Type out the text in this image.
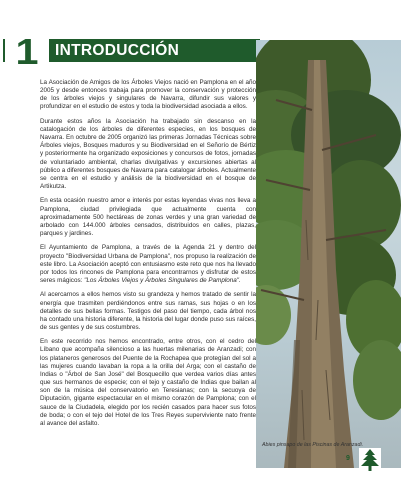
1	INTRODUCCIÓN

La Asociación de Amigos de los Árboles Viejos nació en Pamplona en el año 2005 y desde entonces trabaja para promover la conservación y protección de los árboles viejos y singulares de Navarra, difundir sus valores y profundizar en el estudio de estos y toda la biodiversidad asociada a ellos.

Durante estos años la Asociación ha trabajado sin descanso en la catalogación de los árboles de diferentes especies, en los bosques de Navarra. En octubre de 2005 organizó las primeras Jornadas Técnicas sobre Árboles viejos, Bosques maduros y su Biodiversidad en el Señorío de Bértiz y posteriormente ha organizado exposiciones y concursos de fotos, jornadas de voluntariado ambiental, charlas divulgativas y excursiones abiertas al público a diferentes bosques de Navarra para catalogar árboles. Actualmente se centra en el estudio y análisis de la biodiversidad en el bosque de Artikutza.

En esta ocasión nuestro amor e interés por estas leyendas vivas nos lleva a Pamplona, ciudad privilegiada que actualmente cuenta con aproximadamente 500 hectáreas de zonas verdes y una gran variedad de arbolado con 144.000 árboles censados, distribuidos en calles, plazas, parques y jardines.

El Ayuntamiento de Pamplona, a través de la Agenda 21 y dentro del proyecto "Biodiversidad Urbana de Pamplona", nos propuso la realización de este libro. La Asociación aceptó con entusiasmo este reto que nos ha llevado por todos los rincones de Pamplona para encontrarnos y disfrutar de estos seres mágicos: "Los Árboles Viejos y Árboles Singulares de Pamplona".

Al acercarnos a ellos hemos visto su grandeza y hemos tratado de sentir la energía que trasmiten perdiéndonos entre sus ramas, sus hojas o en los detalles de sus bellas formas. Testigos del paso del tiempo, cada árbol nos ha contado una historia diferente, la historia del lugar donde puso sus raíces, de sus gentes y de sus costumbres.

En este recorrido nos hemos encontrado, entre otros, con el cedro del Líbano que acompaña silencioso a las huertas milenarias de Aranzadi; con los plataneros generosos del Puente de la Rochapea que protegían del sol a las mujeres cuando lavaban la ropa a la orilla del Arga; con el castaño de Indias o "Árbol de San José" del Bosquecillo que verdea varios días antes que sus hermanos de especie; con el tejo y castaño de Indias que bailan al son de la música del conservatorio en Teresianas; con la secuoya de Diputación, gigante espectacular en el mismo corazón de Pamplona; con el sauce de la Ciudadela, elegido por los recién casados para hacer sus fotos de boda; o con el tejo del Hotel de los Tres Reyes superviviente nato frente al avance del asfalto.

Abies pinsapo de las Piscinas de Aranzadi.
9
